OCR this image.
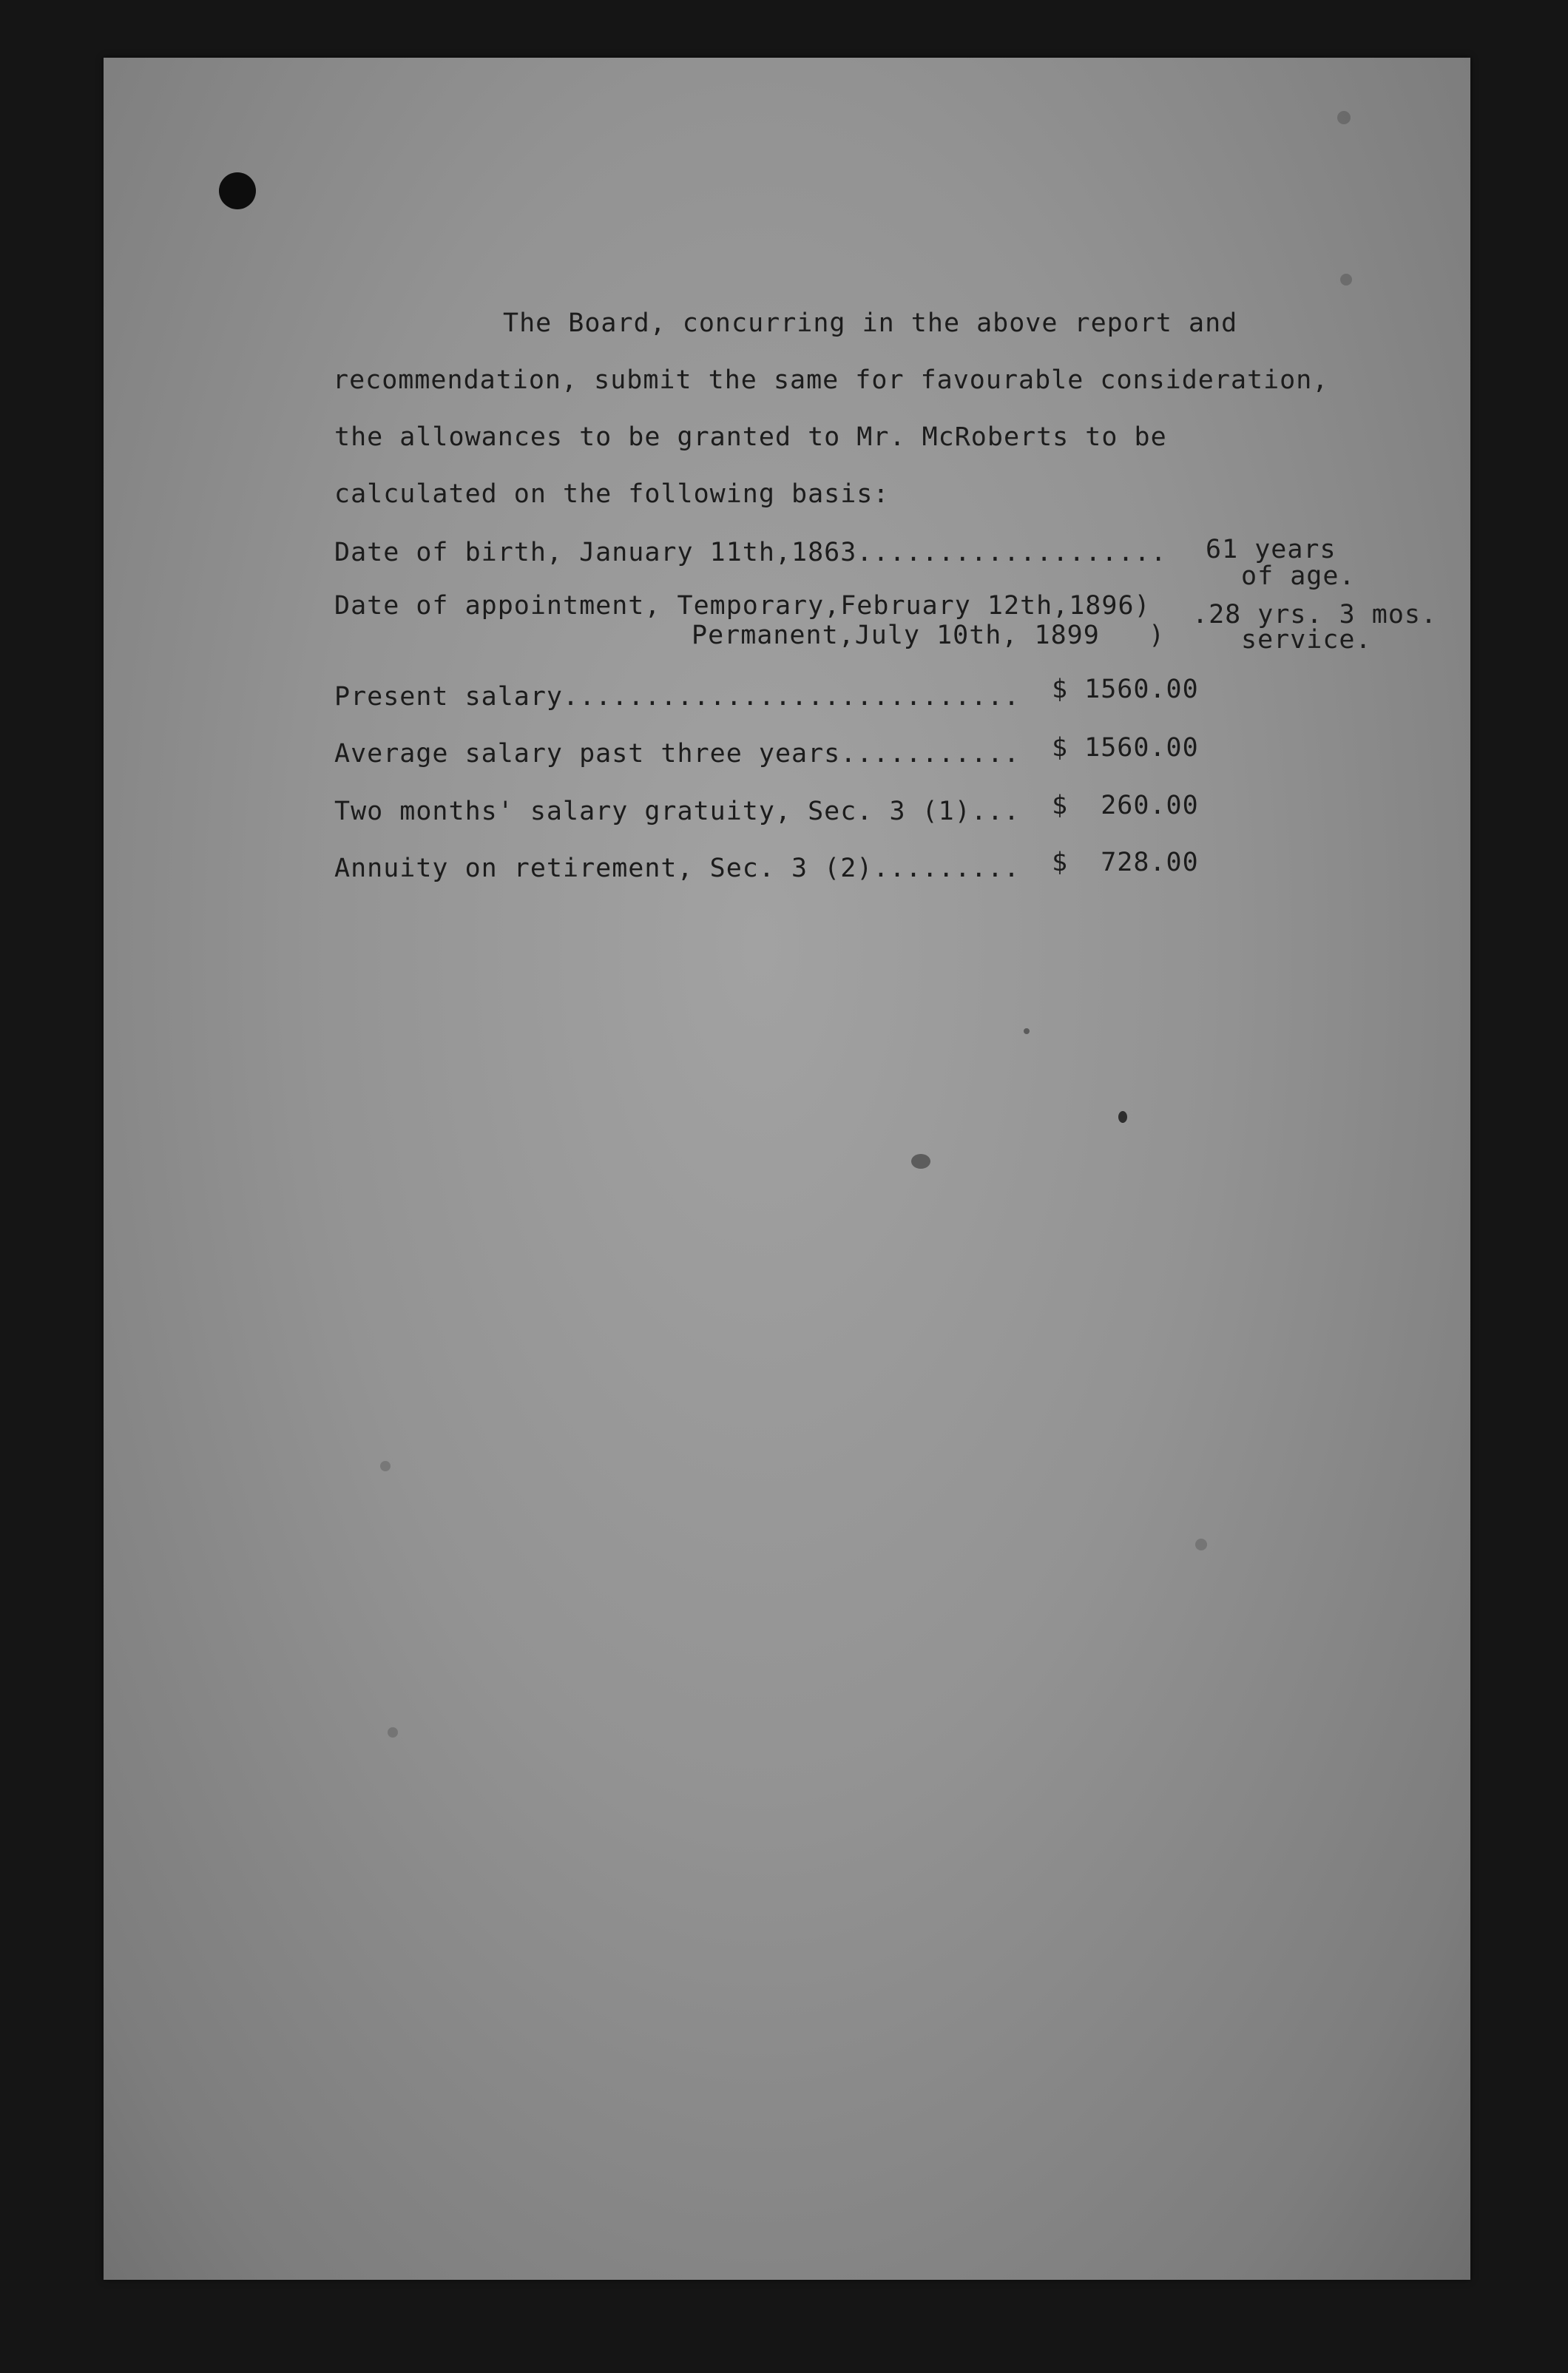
The Board, concurring in the above report and
recommendation, submit the same for favourable consideration,
the allowances to be granted to Mr. McRoberts to be
calculated on the following basis:
Date of birth, January 11th,1863................... 61 years
of age.
Date of appointment, Temporary,February 12th,1896)
Permanent,July 10th, 1899   )
.28 yrs. 3 mos.
service.
Present salary............................ $ 1560.00
Average salary past three years........... $ 1560.00
Two months' salary gratuity, Sec. 3 (1)... $  260.00
Annuity on retirement, Sec. 3 (2)......... $  728.00
